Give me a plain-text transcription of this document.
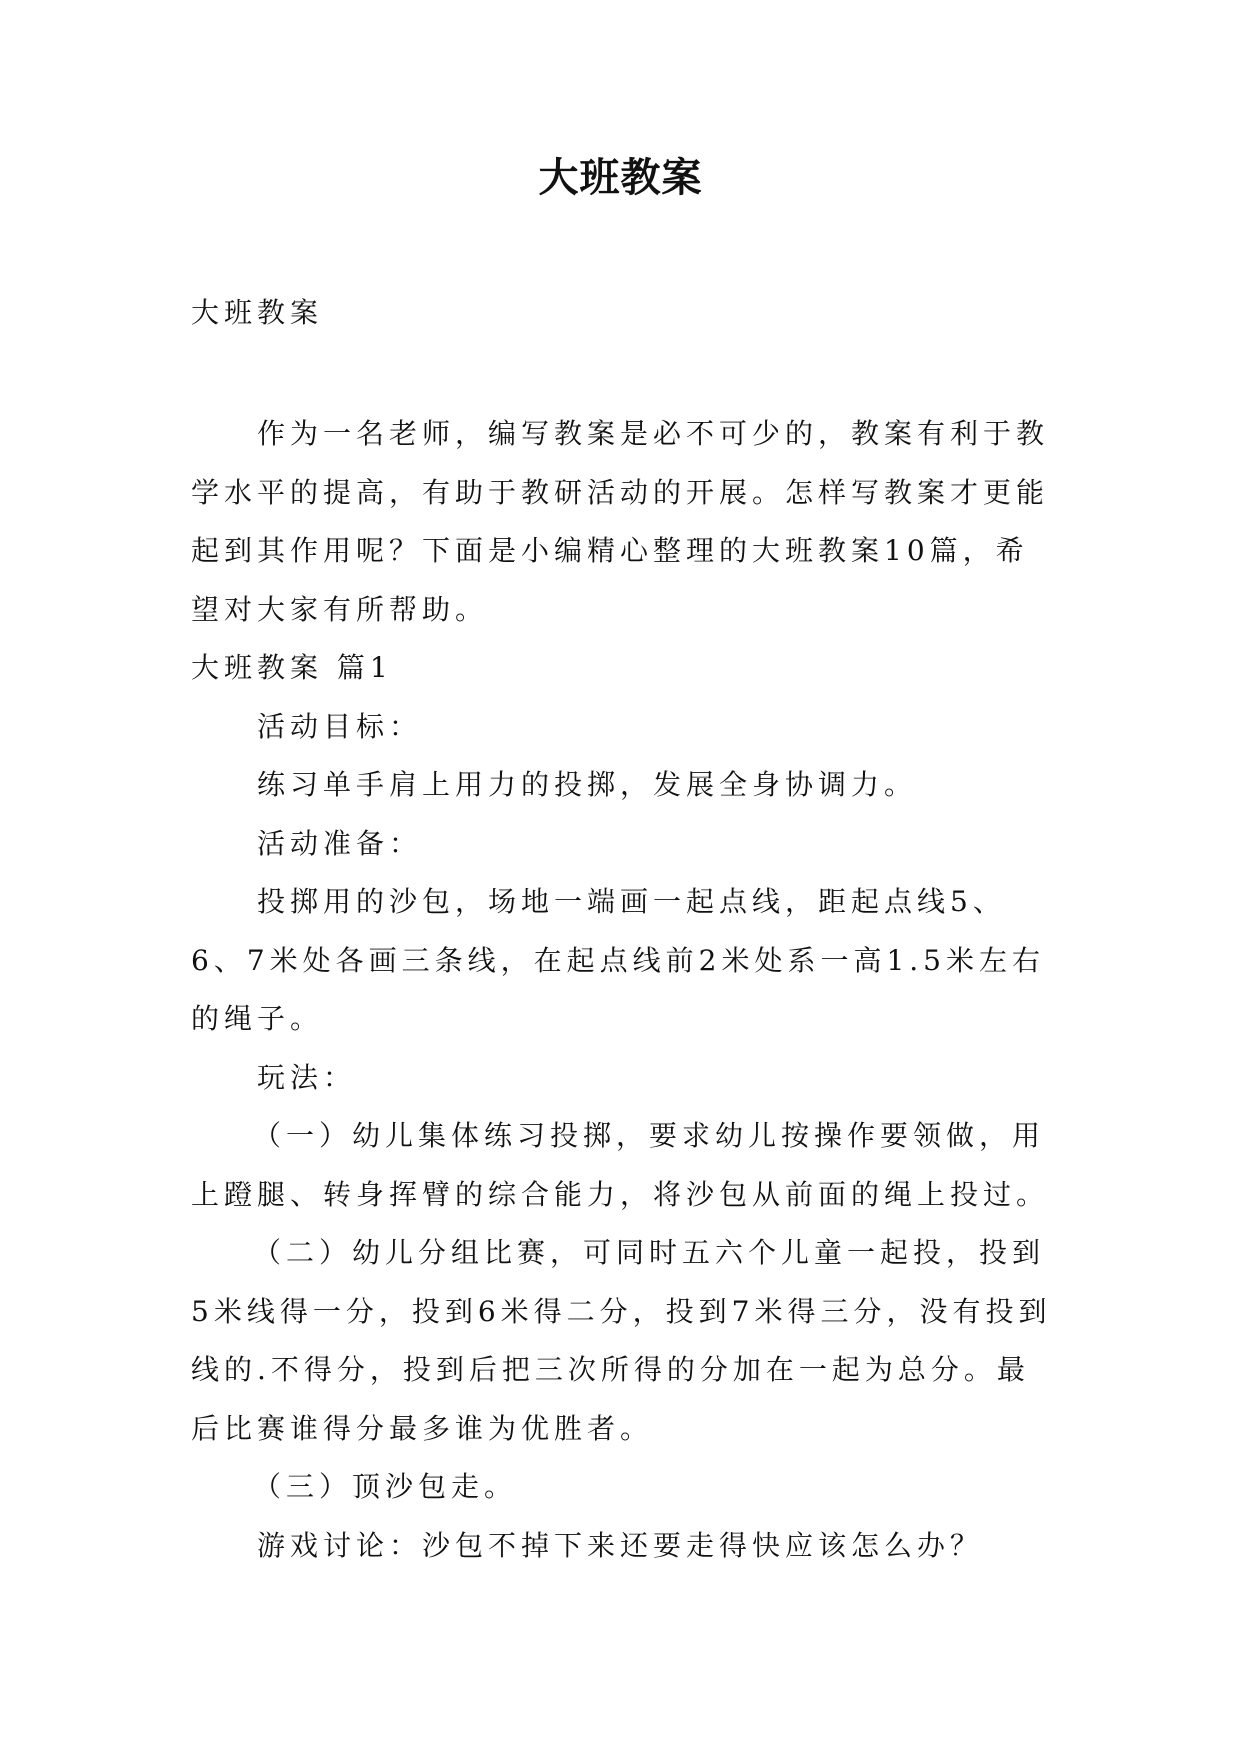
大班教案
大班教案

作为一名老师，编写教案是必不可少的，教案有利于教学水平的提高，有助于教研活动的开展。怎样写教案才更能起到其作用呢？下面是小编精心整理的大班教案10篇，希望对大家有所帮助。

大班教案 篇1

活动目标：

练习单手肩上用力的投掷，发展全身协调力。

活动准备：

投掷用的沙包，场地一端画一起点线，距起点线5、6、7米处各画三条线，在起点线前2米处系一高1.5米左右的绳子。

玩法：

（一）幼儿集体练习投掷，要求幼儿按操作要领做，用上蹬腿、转身挥臂的综合能力，将沙包从前面的绳上投过。

（二）幼儿分组比赛，可同时五六个儿童一起投，投到5米线得一分，投到6米得二分，投到7米得三分，没有投到线的.不得分，投到后把三次所得的分加在一起为总分。最后比赛谁得分最多谁为优胜者。

（三）顶沙包走。

游戏讨论：沙包不掉下来还要走得快应该怎么办？
